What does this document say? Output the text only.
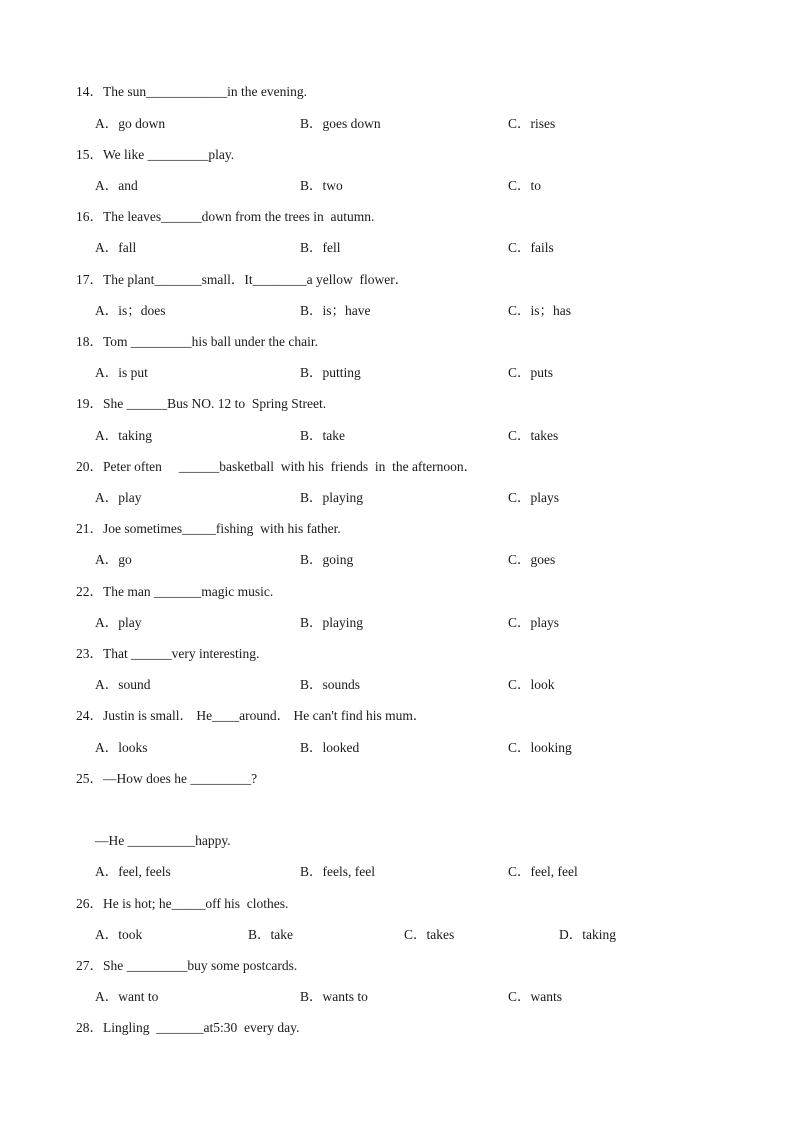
14．The sun____________in the evening.
A．go down	B．goes down	C．rises
15．We like _________play.
A．and	B．two	C．to
16．The leaves______down from the trees in  autumn.
A．fall	B．fell	C．fails
17．The plant_______small．It________a yellow  flower．
A．is；does	B．is；have	C．is；has
18．Tom _________his ball under the chair.
A．is put	B．putting	C．puts
19．She ______Bus NO. 12 to  Spring Street.
A．taking	B．take	C．takes
20．Peter often     ______basketball  with his  friends  in  the afternoon．
A．play	B．playing	C．plays
21．Joe sometimes_____fishing  with his father.
A．go	B．going	C．goes
22．The man _______magic music.
A．play	B．playing	C．plays
23．That ______very interesting.
A．sound	B．sounds	C．look
24．Justin is small． He____around． He can't find his mum．
A．looks	B．looked	C．looking
25．—How does he _________?
—He __________happy.
A．feel, feels	B．feels, feel	C．feel, feel
26．He is hot; he_____off his  clothes.
A．took	B．take	C．takes	D．taking
27．She _________buy some postcards.
A．want to	B．wants to	C．wants
28．Lingling  _______at5:30  every day.
